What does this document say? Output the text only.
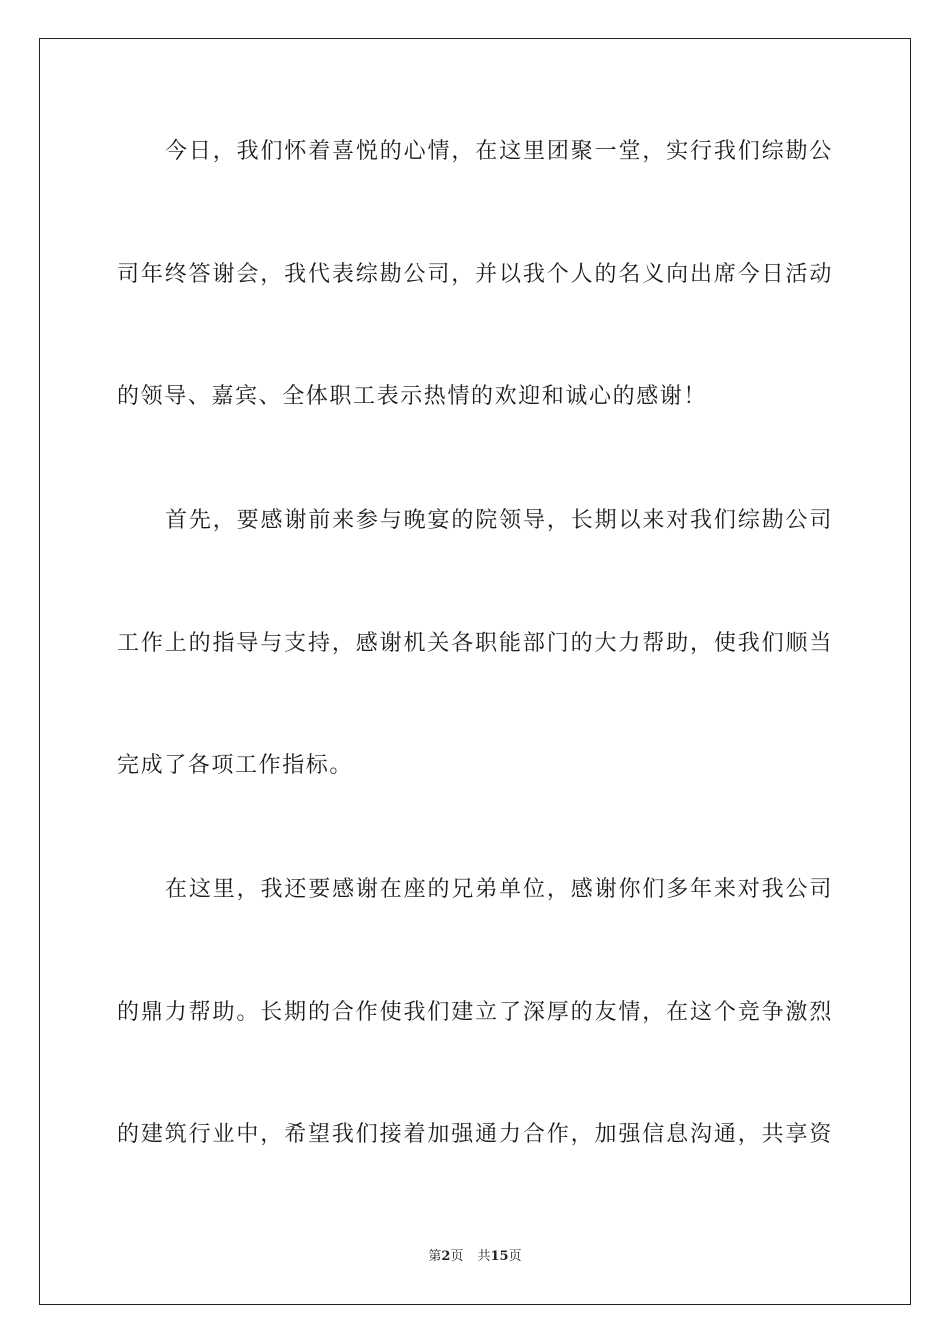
今日，我们怀着喜悦的心情，在这里团聚一堂，实行我们综勘公
司年终答谢会，我代表综勘公司，并以我个人的名义向出席今日活动
的领导、嘉宾、全体职工表示热情的欢迎和诚心的感谢！
首先，要感谢前来参与晚宴的院领导，长期以来对我们综勘公司
工作上的指导与支持，感谢机关各职能部门的大力帮助，使我们顺当
完成了各项工作指标。
在这里，我还要感谢在座的兄弟单位，感谢你们多年来对我公司
的鼎力帮助。长期的合作使我们建立了深厚的友情，在这个竞争激烈
的建筑行业中，希望我们接着加强通力合作，加强信息沟通，共享资
第2页 共15页
